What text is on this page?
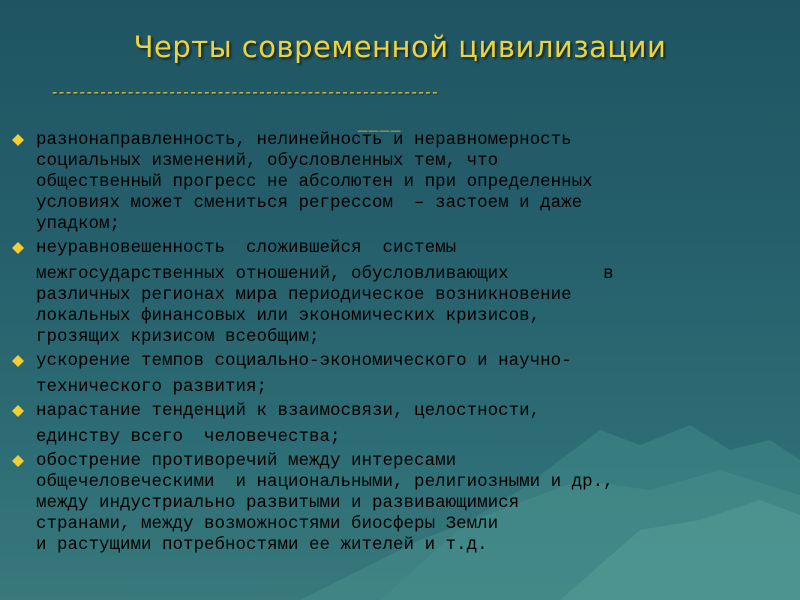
Черты современной цивилизации
--------------------------------------------------------
разнонаправленность, нелинейность и неравномерность
социальных изменений, обусловленных тем, что
общественный прогресс не абсолютен и при определенных
условиях может смениться регрессом  – застоем и даже
упадком;
неуравновешенность  сложившейся  системы
межгосударственных отношений, обусловливающих         в
различных регионах мира периодическое возникновение
локальных финансовых или экономических кризисов,
грозящих кризисом всеобщим;
ускорение темпов социально-экономического и научно-
технического развития;
нарастание тенденций к взаимосвязи, целостности,
единству всего  человечества;
обострение противоречий между интересами
общечеловеческими  и национальными, религиозными и др.,
между индустриально развитыми и развивающимися
странами, между возможностями биосферы Земли
и растущими потребностями ее жителей и т.д.
